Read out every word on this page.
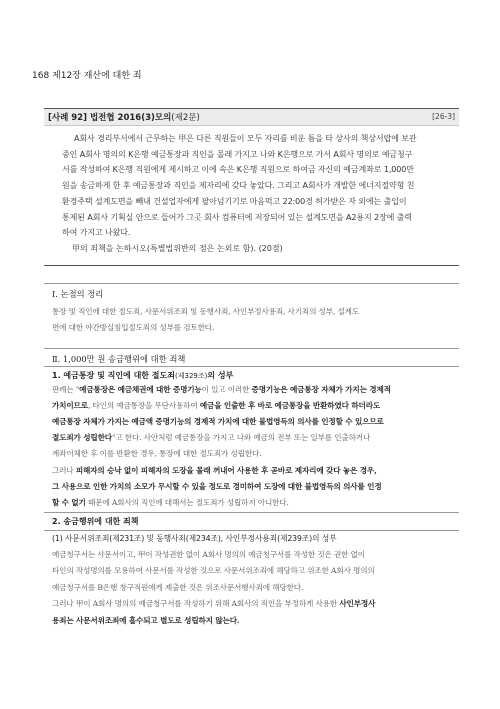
168 제12장 재산에 대한 죄
[사례 92] 법전협 2016(3)모의(제2문)	[26-3]
A회사 경리부서에서 근무하는 甲은 다른 직원들이 모두 자리를 비운 틈을 타 상사의 책상서랍에 보관
중인 A회사 명의의 K은행 예금통장과 직인을 몰래 가지고 나와 K은행으로 가서 A회사 명의로 예금청구
서를 작성하여 K은행 직원에게 제시하고 이에 속은 K은행 직원으로 하여금 자신의 예금계좌로 1,000만
원을 송금하게 한 후 예금통장과 직인을 제자리에 갖다 놓았다. 그리고 A회사가 개발한 에너지절약형 친
환경주택 설계도면을 빼내 건설업자에게 팔아넘기기로 마음먹고 22:00경 허가받은 자 외에는 출입이
통제된 A회사 기획실 안으로 들어가 그곳 회사 컴퓨터에 저장되어 있는 설계도면을 A2용지 2장에 출력
하여 가지고 나왔다.
甲의 죄책을 논하시오(특별법위반의 점은 논외로 함). (20점)
Ⅰ. 논점의 정리
통장 및 직인에 대한 절도죄, 사문서위조죄 및 동행사죄, 사인부정사용죄, 사기죄의 성부, 설계도
면에 대한 야간방실침입절도죄의 성부를 검토한다.
Ⅱ. 1,000만 원 송금행위에 대한 죄책
1. 예금통장 및 직인에 대한 절도죄(제329조)의 성부
판례는 "예금통장은 예금채권에 대한 증명기능이 있고 이러한 증명기능은 예금통장 자체가 가지는 경제적
가치이므로, 타인의 예금통장을 무단사용하여 예금을 인출한 후 바로 예금통장을 반환하였다 하더라도
예금통장 자체가 가지는 예금액 증명기능의 경제적 가치에 대한 불법영득의 의사를 인정할 수 있으므로
절도죄가 성립한다"고 한다. 사안처럼 예금통장을 가지고 나와 예금의 전부 또는 일부를 인출하거나
계좌이체한 후 이를 반환한 경우, 통장에 대한 절도죄가 성립한다.
그러나 피해자의 승낙 없이 피해자의 도장을 몰래 꺼내어 사용한 후 곧바로 제자리에 갖다 놓은 경우,
그 사용으로 인한 가치의 소모가 무시할 수 있을 정도로 경미하여 도장에 대한 불법영득의 의사를 인정
할 수 없기 때문에 A회사의 직인에 대해서는 절도죄가 성립하지 아니한다.
2. 송금행위에 대한 죄책
(1) 사문서위조죄(제231조) 및 동행사죄(제234조), 사인부정사용죄(제239조)의 성부
예금청구서는 사문서이고, 甲이 작성권한 없이 A회사 명의의 예금청구서를 작성한 것은 권한 없이
타인의 작성명의를 모용하여 사문서를 작성한 것으로 사문서위조죄에 해당하고 위조한 A회사 명의의
예금청구서를 B은행 창구직원에게 제출한 것은 위조사문서행사죄에 해당한다.
그러나 甲이 A회사 명의의 예금청구서를 작성하기 위해 A회사의 직인을 부정하게 사용한 사인부정사
용죄는 사문서위조죄에 흡수되고 별도로 성립하지 않는다.
